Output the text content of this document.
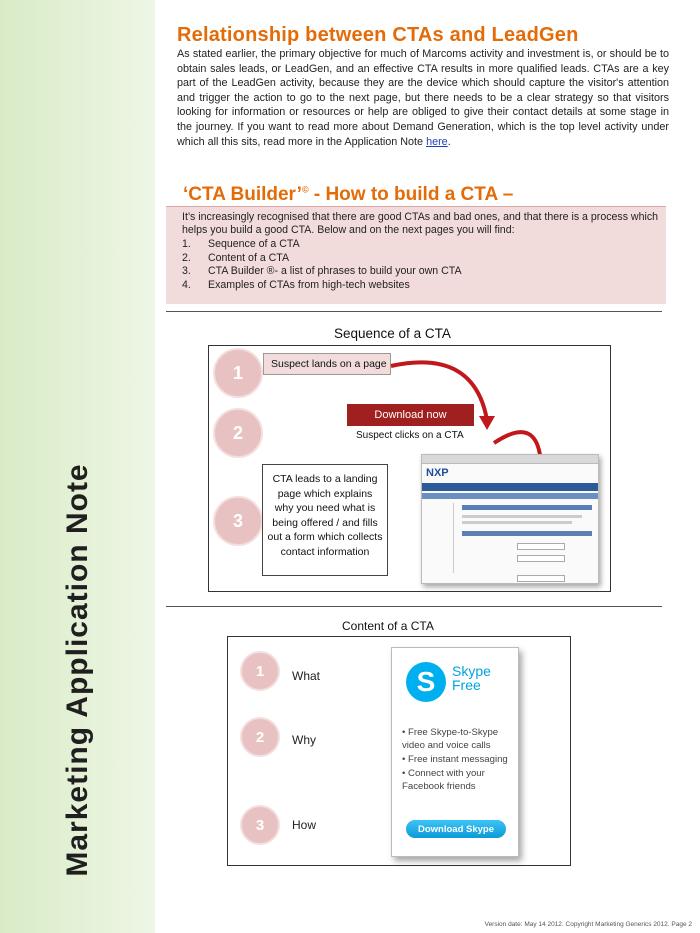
Marketing Application Note
Relationship between CTAs and LeadGen
As stated earlier, the primary objective for much of Marcoms activity and investment is, or should be to obtain sales leads, or LeadGen, and an effective CTA results in more qualified leads. CTAs are a key part of the LeadGen activity, because they are the device which should capture the visitor's attention and trigger the action to go to the next page, but there needs to be a clear strategy so that visitors looking for information or resources or help are obliged to give their contact details at some stage in the journey. If you want to read more about Demand Generation, which is the top level activity under which all this sits, read more in the Application Note here.
‘CTA Builder’© - How to build a CTA –
It’s increasingly recognised that there are good CTAs and bad ones, and that there is a process which helps you build a good CTA. Below and on the next pages you will find:
1. Sequence of a CTA
2. Content of a CTA
3. CTA Builder ®- a list of phrases to build your own CTA
4. Examples of CTAs from high-tech websites
Sequence of a CTA
1
2
3
Suspect lands on a page
Download now
Suspect clicks on a CTA
CTA leads to a landing page which explains why you need what is being offered / and fills out a form which collects contact information
NXP
Content of a CTA
1	What
2	Why
3	How
S	Skype
Free
• Free Skype-to-Skype video and voice calls
• Free instant messaging
• Connect with your Facebook friends
Download Skype
Version date: May 14 2012. Copyright Marketing Generics 2012. Page 2
